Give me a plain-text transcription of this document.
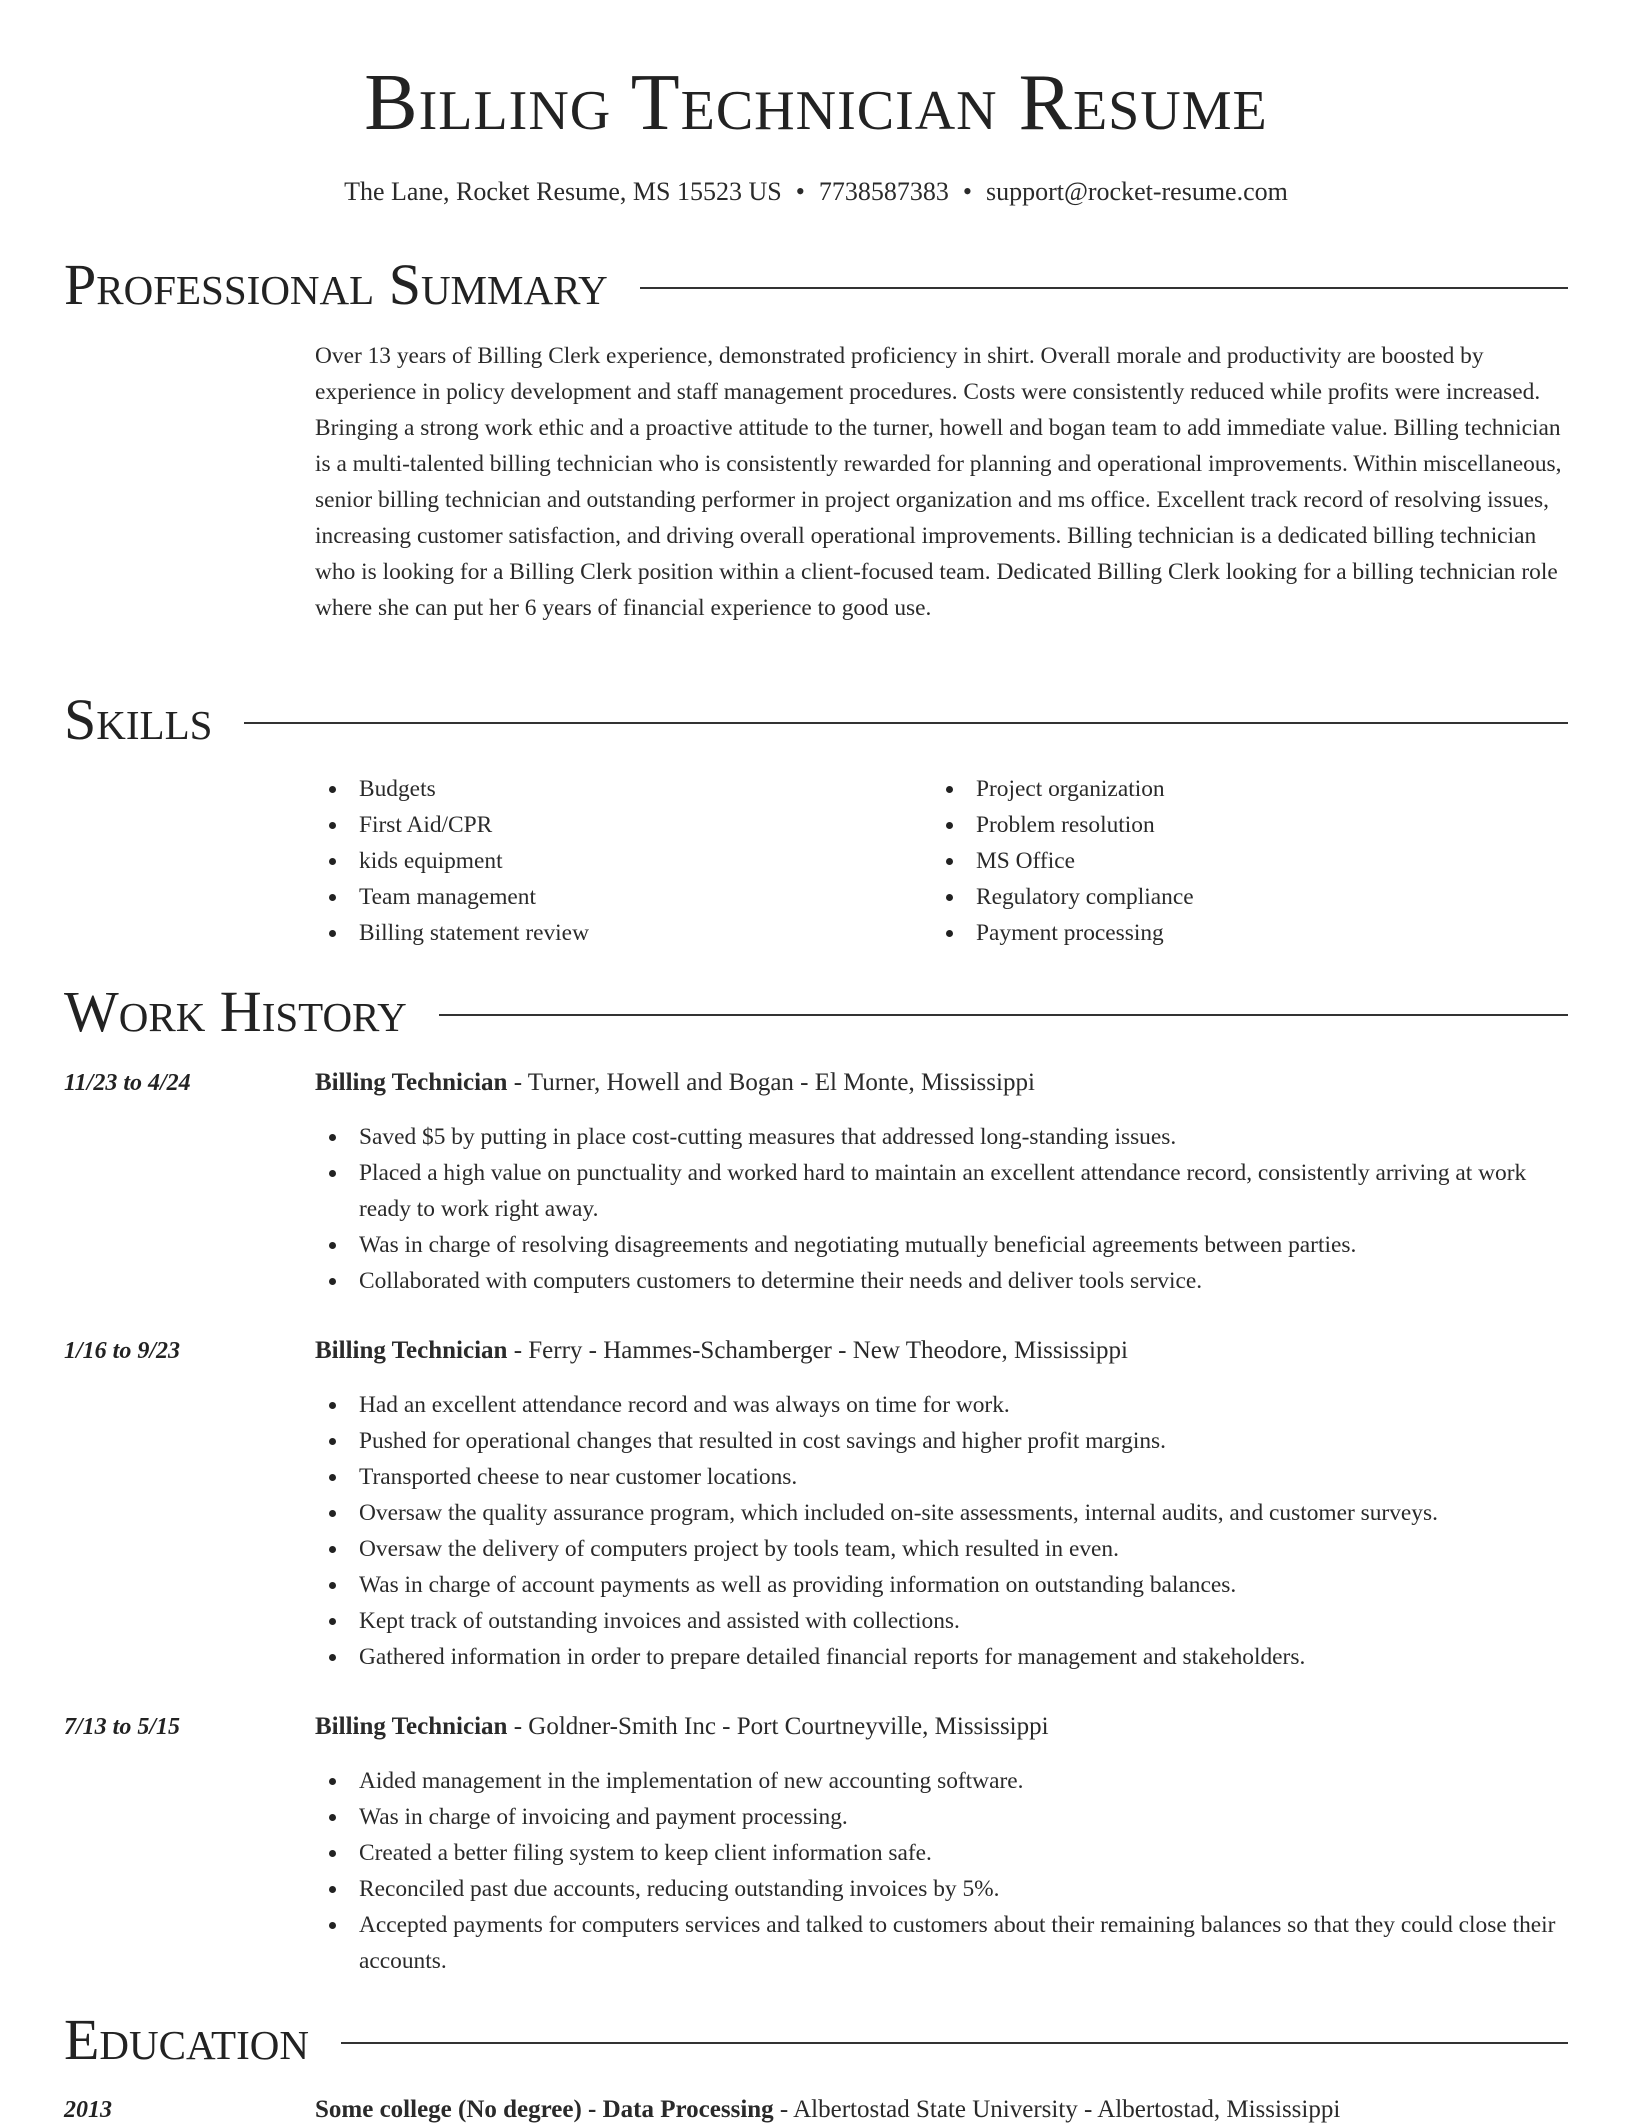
Billing Technician Resume
The Lane, Rocket Resume, MS 15523 US • 7738587383 • support@rocket-resume.com
Professional Summary
Over 13 years of Billing Clerk experience, demonstrated proficiency in shirt. Overall morale and productivity are boosted by experience in policy development and staff management procedures. Costs were consistently reduced while profits were increased. Bringing a strong work ethic and a proactive attitude to the turner, howell and bogan team to add immediate value. Billing technician is a multi-talented billing technician who is consistently rewarded for planning and operational improvements. Within miscellaneous, senior billing technician and outstanding performer in project organization and ms office. Excellent track record of resolving issues, increasing customer satisfaction, and driving overall operational improvements. Billing technician is a dedicated billing technician who is looking for a Billing Clerk position within a client-focused team. Dedicated Billing Clerk looking for a billing technician role where she can put her 6 years of financial experience to good use.
Skills
Budgets
First Aid/CPR
kids equipment
Team management
Billing statement review
Project organization
Problem resolution
MS Office
Regulatory compliance
Payment processing
Work History
11/23 to 4/24	Billing Technician - Turner, Howell and Bogan - El Monte, Mississippi
Saved $5 by putting in place cost-cutting measures that addressed long-standing issues.
Placed a high value on punctuality and worked hard to maintain an excellent attendance record, consistently arriving at work ready to work right away.
Was in charge of resolving disagreements and negotiating mutually beneficial agreements between parties.
Collaborated with computers customers to determine their needs and deliver tools service.
1/16 to 9/23	Billing Technician - Ferry - Hammes-Schamberger - New Theodore, Mississippi
Had an excellent attendance record and was always on time for work.
Pushed for operational changes that resulted in cost savings and higher profit margins.
Transported cheese to near customer locations.
Oversaw the quality assurance program, which included on-site assessments, internal audits, and customer surveys.
Oversaw the delivery of computers project by tools team, which resulted in even.
Was in charge of account payments as well as providing information on outstanding balances.
Kept track of outstanding invoices and assisted with collections.
Gathered information in order to prepare detailed financial reports for management and stakeholders.
7/13 to 5/15	Billing Technician - Goldner-Smith Inc - Port Courtneyville, Mississippi
Aided management in the implementation of new accounting software.
Was in charge of invoicing and payment processing.
Created a better filing system to keep client information safe.
Reconciled past due accounts, reducing outstanding invoices by 5%.
Accepted payments for computers services and talked to customers about their remaining balances so that they could close their accounts.
Education
2013	Some college (No degree) - Data Processing - Albertostad State University - Albertostad, Mississippi
